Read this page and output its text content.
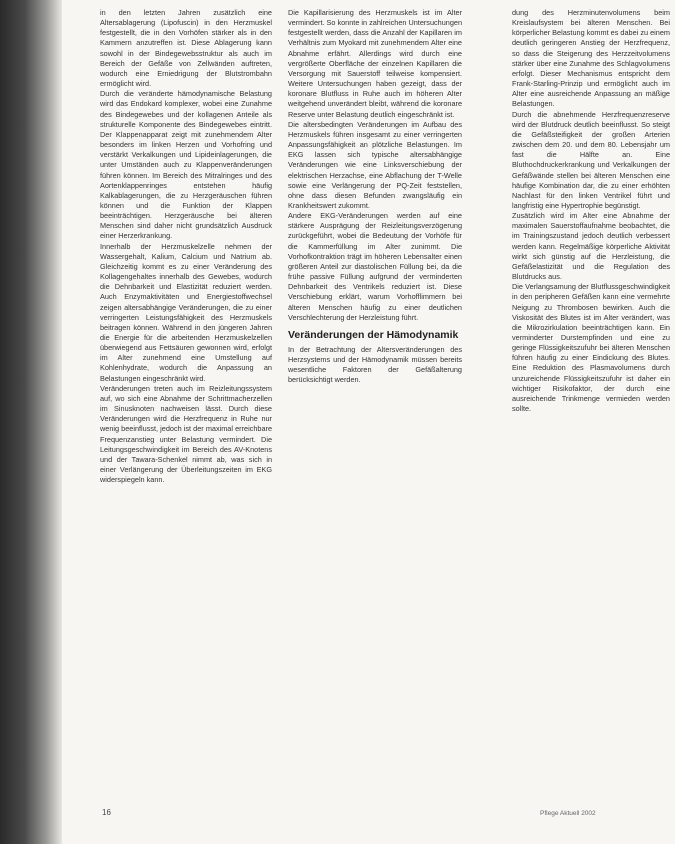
in den letzten Jahren zusätzlich eine Altersablagerung (Lipofuscin) in den Herzmuskel festgestellt, die in den Vorhöfen stärker als in den Kammern anzutreffen ist. Diese Ablagerung kann sowohl in der Bindegewebsstruktur als auch im Bereich der Gefäße von Zellwänden auftreten, wodurch eine Erniedrigung der Blutstrombahn ermöglicht wird.

Durch die veränderte hämodynamische Belastung wird das Endokard komplexer, wobei eine Zunahme des Bindegewebes und der kollagenen Anteile als strukturelle Komponente des Bindegewebes eintritt. Der Klappenapparat zeigt mit zunehmendem Alter besonders im linken Herzen und Vorhofring und verstärkt Verkalkungen und Lipideinlagerungen, die unter Umständen auch zu Klappenveränderungen führen können. Im Bereich des Mitralringes und des Aortenklappenringes entstehen häufig Kalkablagerungen, die zu Herzgeräuschen führen können und die Funktion der Klappen beeinträchtigen. Herzgeräusche bei älteren Menschen sind daher nicht grundsätzlich Ausdruck einer Herzerkrankung.

Innerhalb der Herzmuskelzelle nehmen der Wassergehalt, Kalium, Calcium und Natrium ab. Gleichzeitig kommt es zu einer Veränderung des Kollagengehaltes innerhalb des Gewebes, wodurch die Dehnbarkeit und Elastizität reduziert werden. Auch Enzymaktivitäten und Energiestoffwechsel zeigen altersabhängige Veränderungen, die zu einer verringerten Leistungsfähigkeit des Herzmuskels beitragen können. Während in den jüngeren Jahren die Energie für die arbeitenden Herzmuskelzellen überwiegend aus Fettsäuren gewonnen wird, erfolgt im Alter zunehmend eine Umstellung auf Kohlenhydrate, wodurch die Anpassung an Belastungen eingeschränkt wird.

Veränderungen treten auch im Reizleitungssystem auf, wo sich eine Abnahme der Schrittmacherzellen im Sinusknoten nachweisen lässt. Durch diese Veränderungen wird die Herzfrequenz in Ruhe nur wenig beeinflusst, jedoch ist der maximal erreichbare Frequenzanstieg unter Belastung vermindert. Die Leitungsgeschwindigkeit im Bereich des AV-Knotens und der Tawara-Schenkel nimmt ab, was sich in einer Verlängerung der Überleitungszeiten im EKG widerspiegeln kann.

Die Kapillarisierung des Herzmuskels ist im Alter vermindert. So konnte in zahlreichen Untersuchungen festgestellt werden, dass die Anzahl der Kapillaren im Verhältnis zum Myokard mit zunehmendem Alter eine Abnahme erfährt. Allerdings wird durch eine vergrößerte Oberfläche der einzelnen Kapillaren die Versorgung mit Sauerstoff teilweise kompensiert. Weitere Untersuchungen haben gezeigt, dass der koronare Blutfluss in Ruhe auch im höheren Alter weitgehend unverändert bleibt, während die koronare Reserve unter Belastung deutlich eingeschränkt ist.

Die altersbedingten Veränderungen im Aufbau des Herzmuskels führen insgesamt zu einer verringerten Anpassungsfähigkeit an plötzliche Belastungen. Im EKG lassen sich typische altersabhängige Veränderungen wie eine Linksverschiebung der elektrischen Herzachse, eine Abflachung der T-Welle sowie eine Verlängerung der PQ-Zeit feststellen, ohne dass diesen Befunden zwangsläufig ein Krankheitswert zukommt.

Andere EKG-Veränderungen werden auf eine stärkere Ausprägung der Reizleitungsverzögerung zurückgeführt, wobei die Bedeutung der Vorhöfe für die Kammerfüllung im Alter zunimmt. Die Vorhofkontraktion trägt im höheren Lebensalter einen größeren Anteil zur diastolischen Füllung bei, da die frühe passive Füllung aufgrund der verminderten Dehnbarkeit des Ventrikels reduziert ist. Diese Verschiebung erklärt, warum Vorhofflimmern bei älteren Menschen häufig zu einer deutlichen Verschlechterung der Herzleistung führt.

Veränderungen der Hämodynamik

In der Betrachtung der Altersveränderungen des Herzsystems und der Hämodynamik müssen bereits wesentliche Faktoren der Gefäßalterung berücksichtigt werden.

dung des Herzminutenvolumens beim Kreislaufsystem bei älteren Menschen. Bei körperlicher Belastung kommt es dabei zu einem deutlich geringeren Anstieg der Herzfrequenz, so dass die Steigerung des Herzzeitvolumens stärker über eine Zunahme des Schlagvolumens erfolgt. Dieser Mechanismus entspricht dem Frank-Starling-Prinzip und ermöglicht auch im Alter eine ausreichende Anpassung an mäßige Belastungen.

Durch die abnehmende Herzfrequenzreserve wird der Blutdruck deutlich beeinflusst. So steigt die Gefäßsteifigkeit der großen Arterien zwischen dem 20. und dem 80. Lebensjahr um fast die Hälfte an. Eine Bluthochdruckerkrankung und Verkalkungen der Gefäßwände stellen bei älteren Menschen eine häufige Kombination dar, die zu einer erhöhten Nachlast für den linken Ventrikel führt und langfristig eine Hypertrophie begünstigt.

Zusätzlich wird im Alter eine Abnahme der maximalen Sauerstoffaufnahme beobachtet, die im Trainingszustand jedoch deutlich verbessert werden kann. Regelmäßige körperliche Aktivität wirkt sich günstig auf die Herzleistung, die Gefäßelastizität und die Regulation des Blutdrucks aus.

Die Verlangsamung der Blutflussgeschwindigkeit in den peripheren Gefäßen kann eine vermehrte Neigung zu Thrombosen bewirken. Auch die Viskosität des Blutes ist im Alter verändert, was die Mikrozirkulation beeinträchtigen kann. Ein verminderter Durstempfinden und eine zu geringe Flüssigkeitszufuhr bei älteren Menschen führen häufig zu einer Eindickung des Blutes. Eine Reduktion des Plasmavolumens durch unzureichende Flüssigkeitszufuhr ist daher ein wichtiger Risikofaktor, der durch eine ausreichende Trinkmenge vermieden werden sollte.

16	Pflege Aktuell 2002
